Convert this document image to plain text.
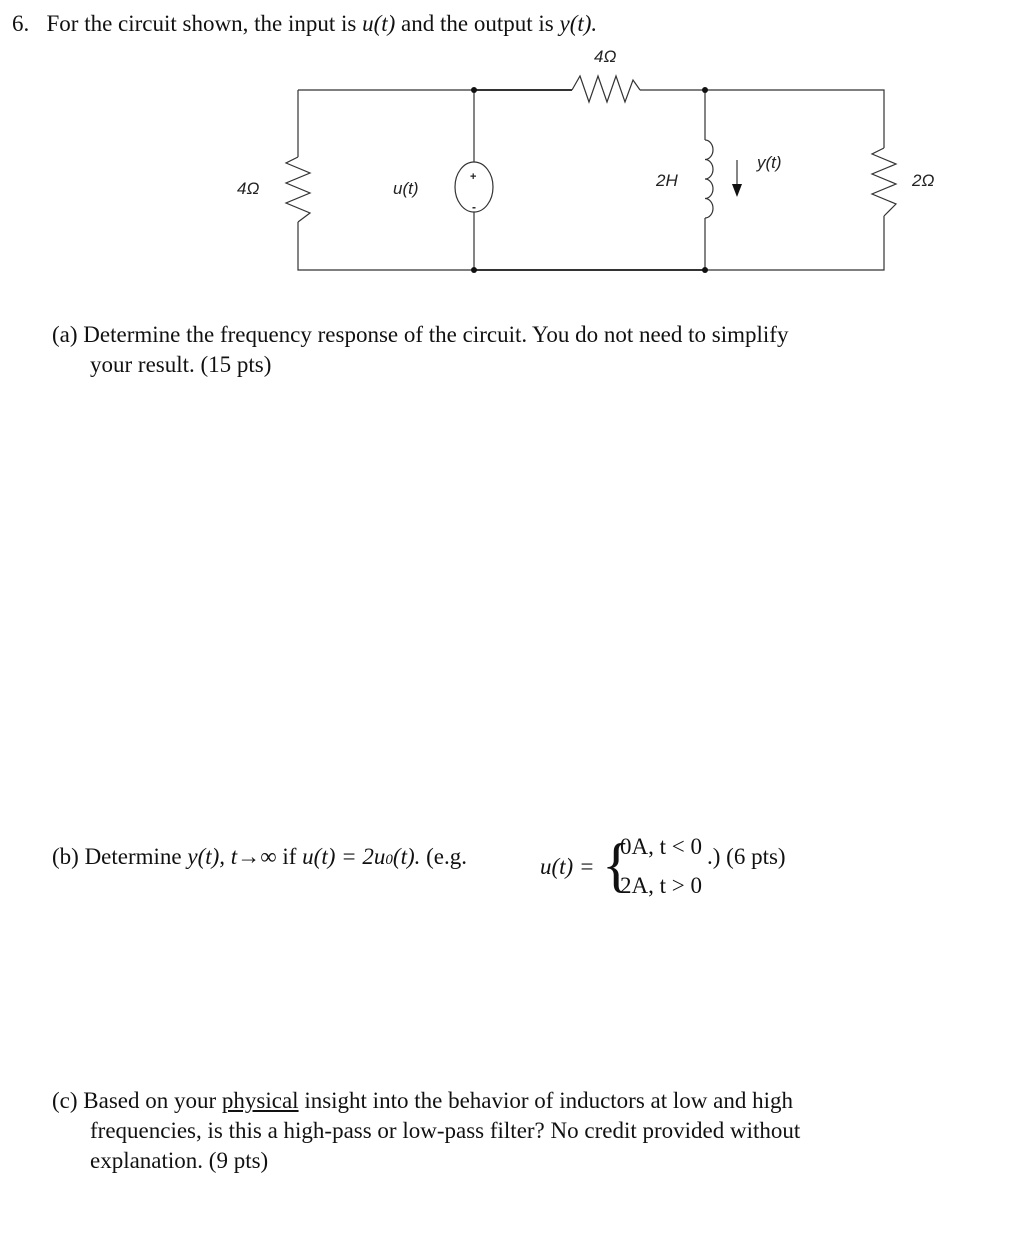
6. For the circuit shown, the input is u(t) and the output is y(t).
4Ω
4Ω	2Ω
u(t)	2H
y(t)
+
-
(a) Determine the frequency response of the circuit. You do not need to simplify
your result. (15 pts)
(b) Determine y(t), t→∞ if u(t) = 2u0(t). (e.g.	u(t) = {
0A, t < 0
2A, t > 0
.) (6 pts)
(c) Based on your physical insight into the behavior of inductors at low and high
frequencies, is this a high-pass or low-pass filter? No credit provided without
explanation. (9 pts)
